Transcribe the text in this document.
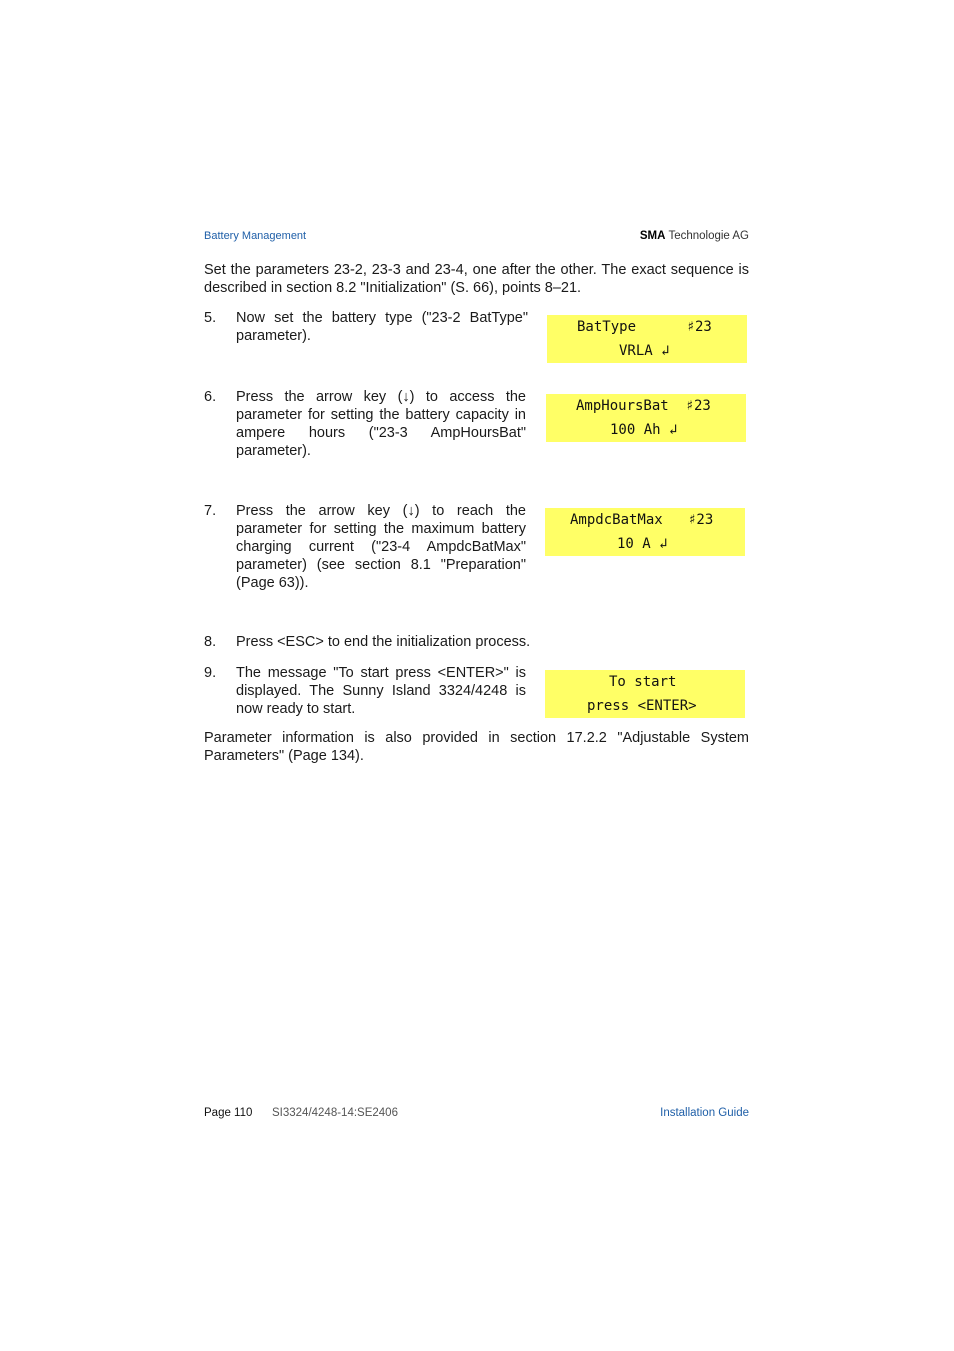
Battery Management	SMA Technologie AG

Set the parameters 23-2, 23-3 and 23-4, one after the other. The exact sequence is described in section 8.2 "Initialization" (S. 66), points 8–21.

5.	Now set the battery type ("23-2 BatType" parameter).
BatType      ♯23
VRLA ↲
6.	Press the arrow key (↓) to access the parameter for setting the battery capacity in ampere hours ("23-3 AmpHoursBat" parameter).
AmpHoursBat  ♯23
100 Ah ↲
7.	Press the arrow key (↓) to reach the parameter for setting the maximum battery charging current ("23-4 AmpdcBatMax" parameter) (see section 8.1 "Preparation" (Page 63)).
AmpdcBatMax   ♯23
10 A ↲
8.	Press <ESC> to end the initialization process.
9.	The message "To start press <ENTER>" is displayed. The Sunny Island 3324/4248 is now ready to start.
To start
press <ENTER>

Parameter information is also provided in section 17.2.2 "Adjustable System Parameters" (Page 134).

Page 110 SI3324/4248-14:SE2406	Installation Guide
